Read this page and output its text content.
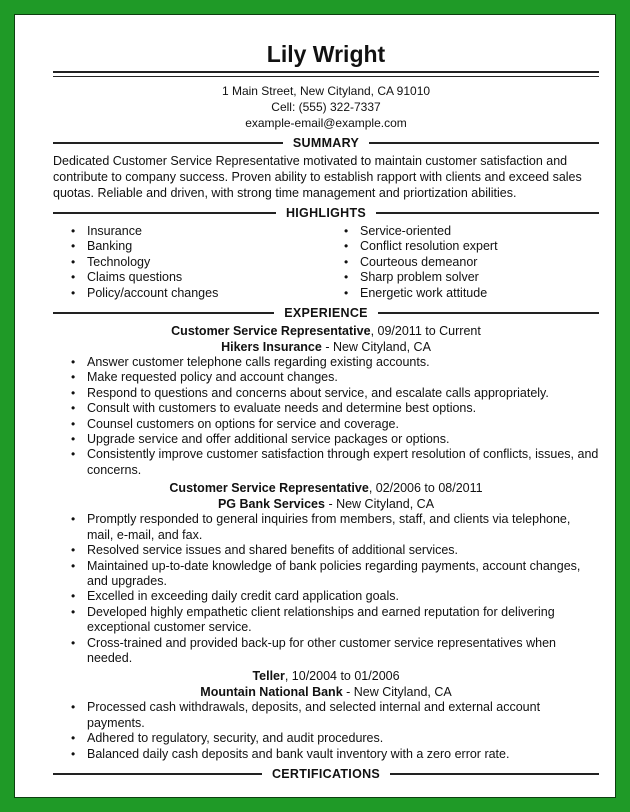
Lily Wright
1 Main Street, New Cityland, CA 91010
Cell: (555) 322-7337
example-email@example.com
SUMMARY
Dedicated Customer Service Representative motivated to maintain customer satisfaction and contribute to company success. Proven ability to establish rapport with clients and exceed sales quotas. Reliable and driven, with strong time management and priortization abilities.
HIGHLIGHTS
• Insurance
• Banking
• Technology
• Claims questions
• Policy/account changes
• Service-oriented
• Conflict resolution expert
• Courteous demeanor
• Sharp problem solver
• Energetic work attitude
EXPERIENCE
Customer Service Representative, 09/2011 to Current
Hikers Insurance - New Cityland, CA
• Answer customer telephone calls regarding existing accounts.
• Make requested policy and account changes.
• Respond to questions and concerns about service, and escalate calls appropriately.
• Consult with customers to evaluate needs and determine best options.
• Counsel customers on options for service and coverage.
• Upgrade service and offer additional service packages or options.
• Consistently improve customer satisfaction through expert resolution of conflicts, issues, and concerns.
Customer Service Representative, 02/2006 to 08/2011
PG Bank Services - New Cityland, CA
• Promptly responded to general inquiries from members, staff, and clients via telephone, mail, e-mail, and fax.
• Resolved service issues and shared benefits of additional services.
• Maintained up-to-date knowledge of bank policies regarding payments, account changes, and upgrades.
• Excelled in exceeding daily credit card application goals.
• Developed highly empathetic client relationships and earned reputation for delivering exceptional customer service.
• Cross-trained and provided back-up for other customer service representatives when needed.
Teller, 10/2004 to 01/2006
Mountain National Bank - New Cityland, CA
• Processed cash withdrawals, deposits, and selected internal and external account payments.
• Adhered to regulatory, security, and audit procedures.
• Balanced daily cash deposits and bank vault inventory with a zero error rate.
CERTIFICATIONS
